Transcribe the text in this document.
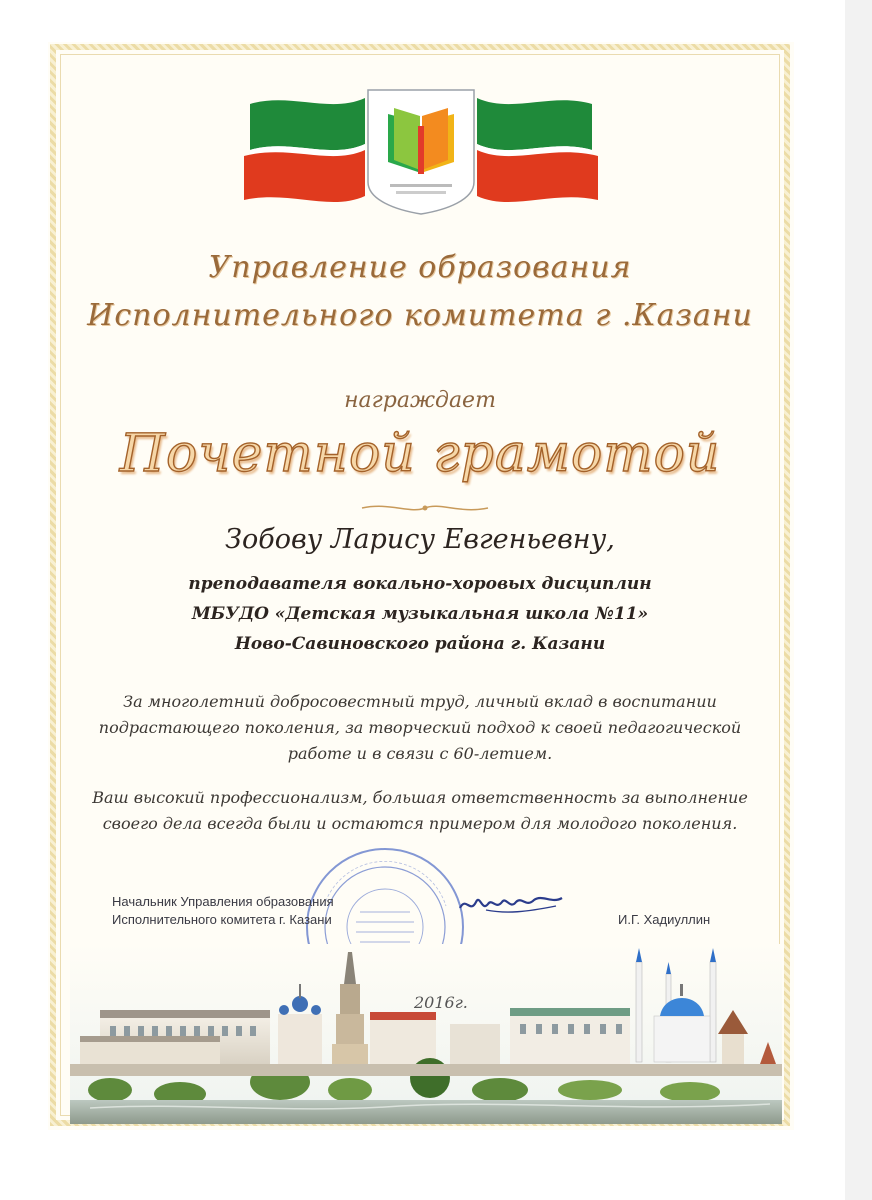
Управление образования
Исполнительного комитета г .Казани
награждает
Почетной грамотой
Зобову Ларису Евгеньевну,
преподавателя вокально-хоровых дисциплин
МБУДО «Детская музыкальная школа №11»
Ново-Савиновского района г. Казани
За многолетний добросовестный труд, личный вклад в воспитании
подрастающего поколения, за творческий подход к своей педагогической
работе и в связи с 60-летием.
Ваш высокий профессионализм, большая ответственность за выполнение
своего дела всегда были и остаются примером для молодого поколения.
Начальник Управления образования
Исполнительного комитета г. Казани	И.Г. Хадиуллин
2016г.
